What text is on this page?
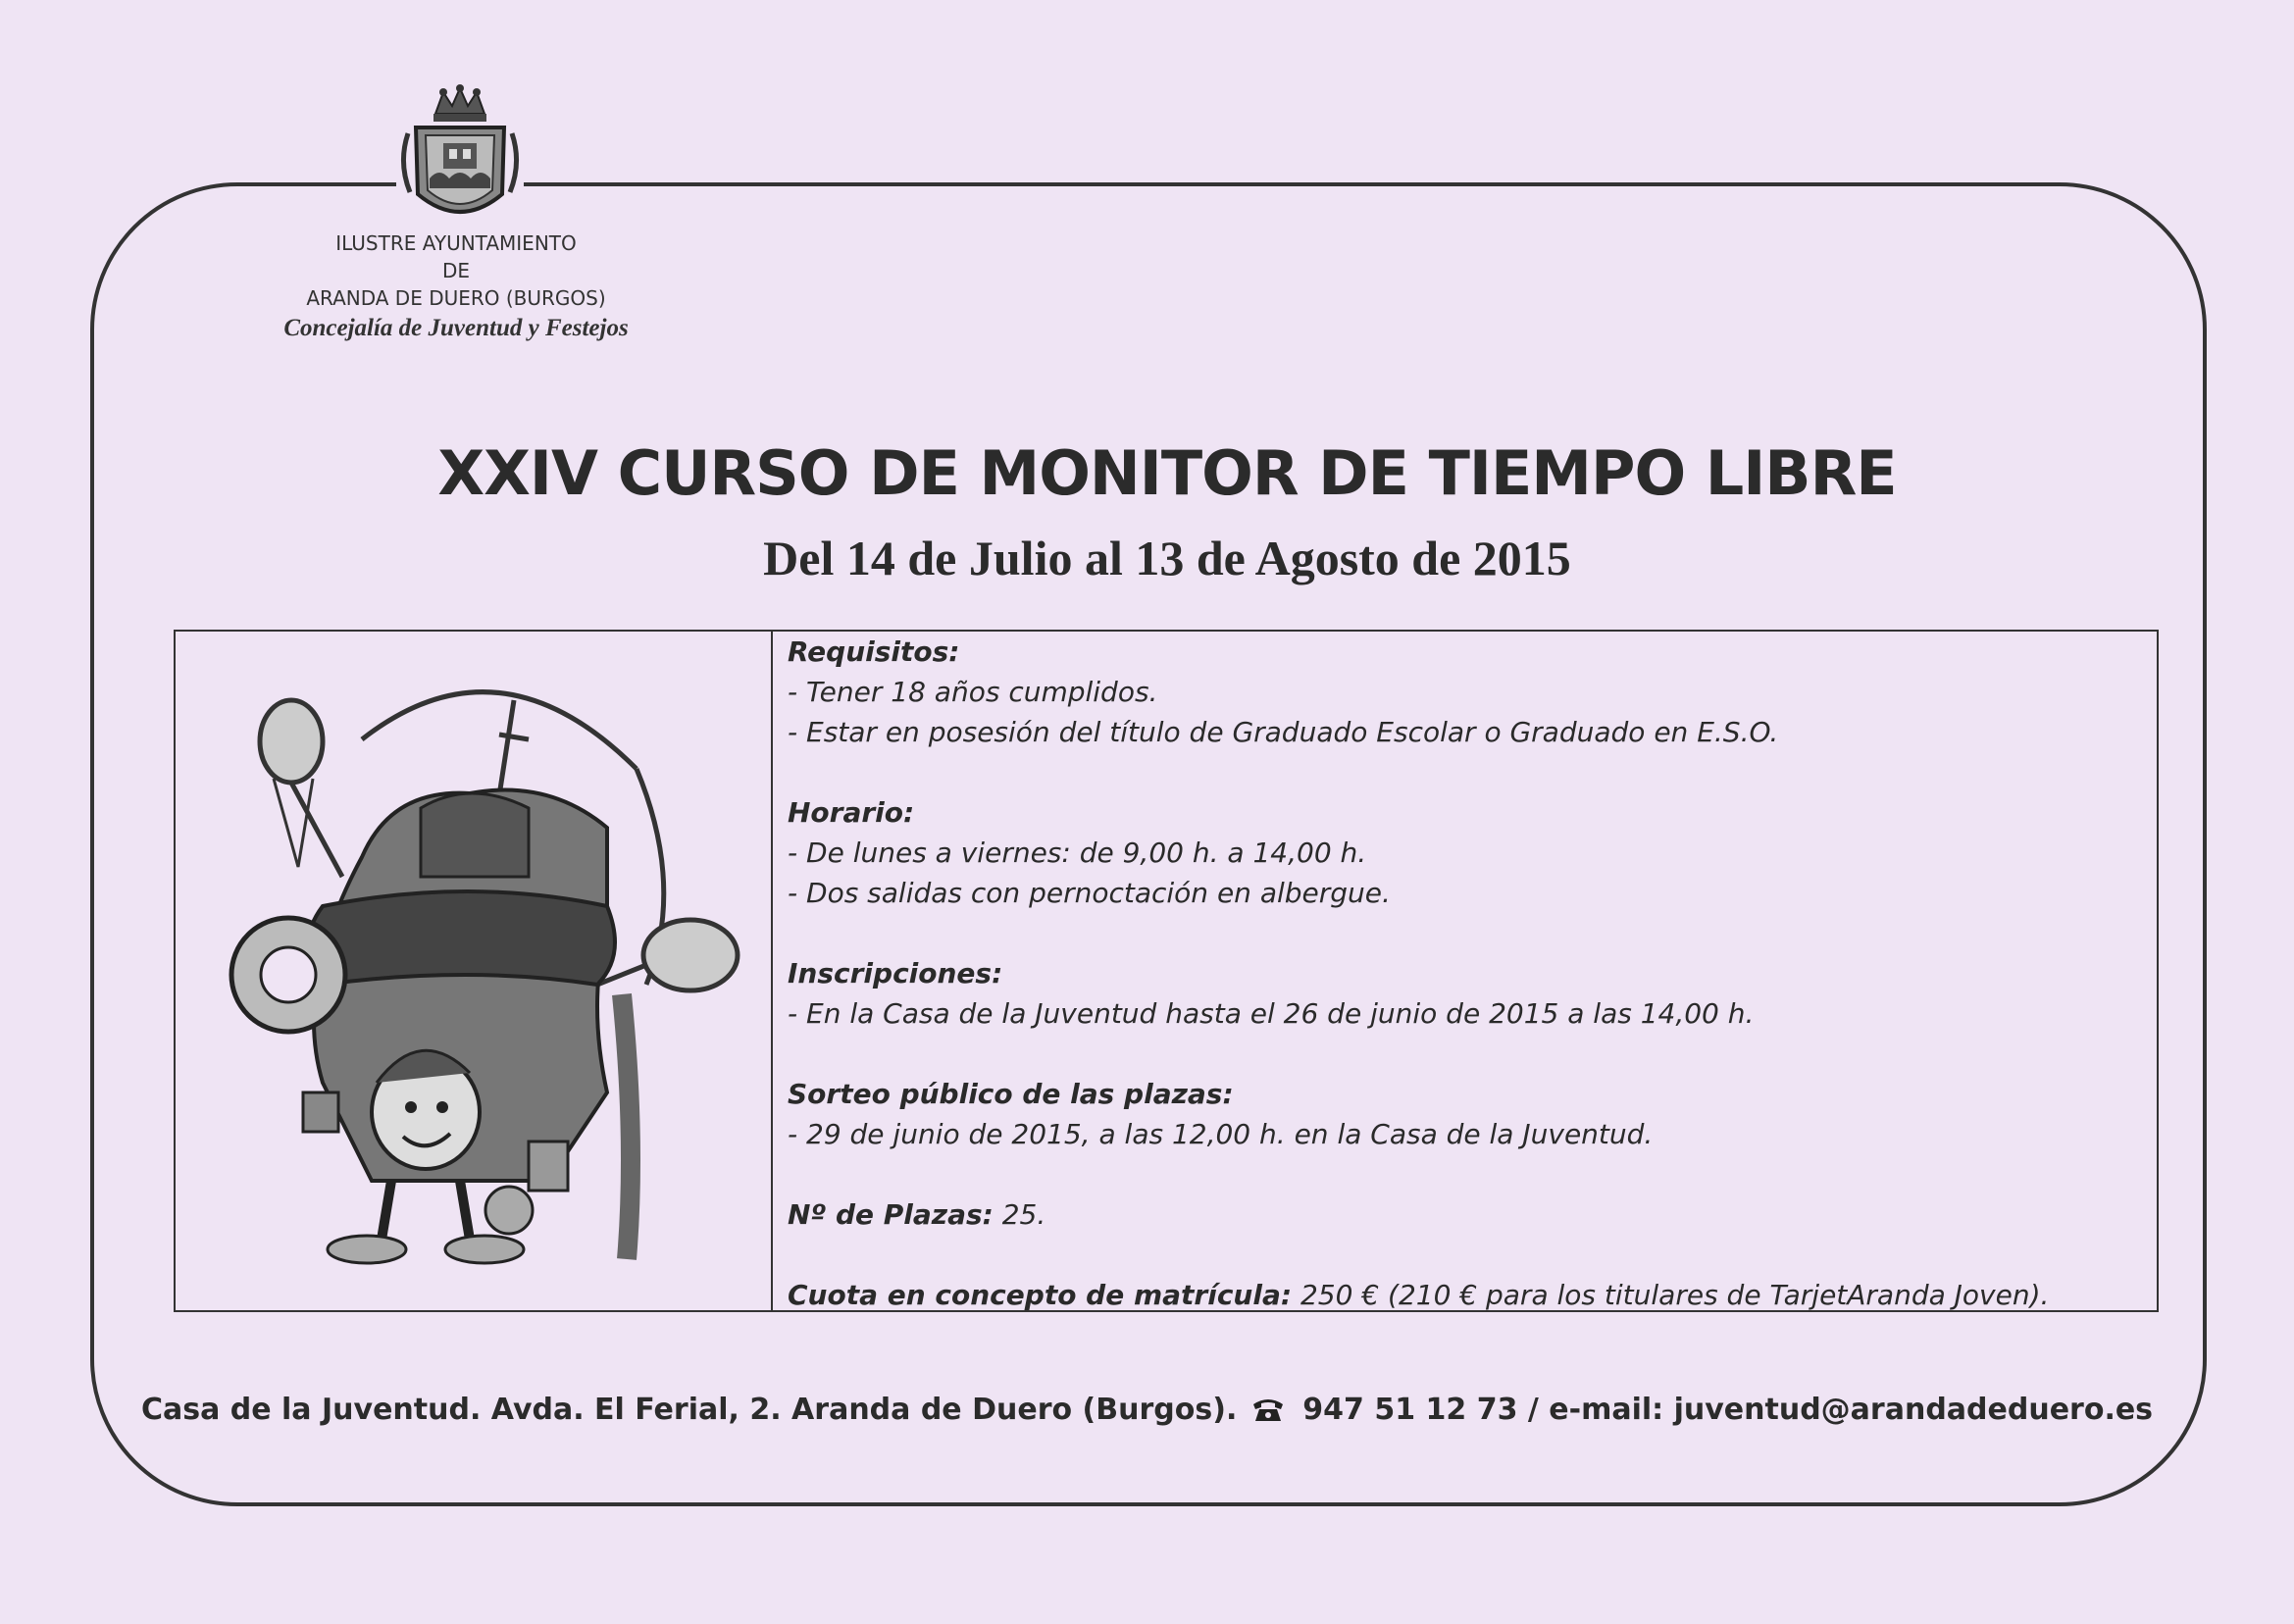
ILUSTRE AYUNTAMIENTO
DE
ARANDA DE DUERO (BURGOS)
Concejalía de Juventud y Festejos
XXIV CURSO DE MONITOR DE TIEMPO LIBRE
Del 14 de Julio al 13 de Agosto de 2015
Requisitos:
- Tener 18 años cumplidos.
- Estar en posesión del título de Graduado Escolar o Graduado en E.S.O.
Horario:
- De lunes a viernes: de 9,00 h. a 14,00 h.
- Dos salidas con pernoctación en albergue.
Inscripciones:
- En la Casa de la Juventud hasta el 26 de junio de 2015 a las 14,00 h.
Sorteo público de las plazas:
- 29 de junio de 2015, a las 12,00 h. en la Casa de la Juventud.
Nº de Plazas: 25.
Cuota en concepto de matrícula: 250 € (210 € para los titulares de TarjetAranda Joven).
Casa de la Juventud. Avda. El Ferial, 2. Aranda de Duero (Burgos). 947 51 12 73 / e-mail: juventud@arandadeduero.es
